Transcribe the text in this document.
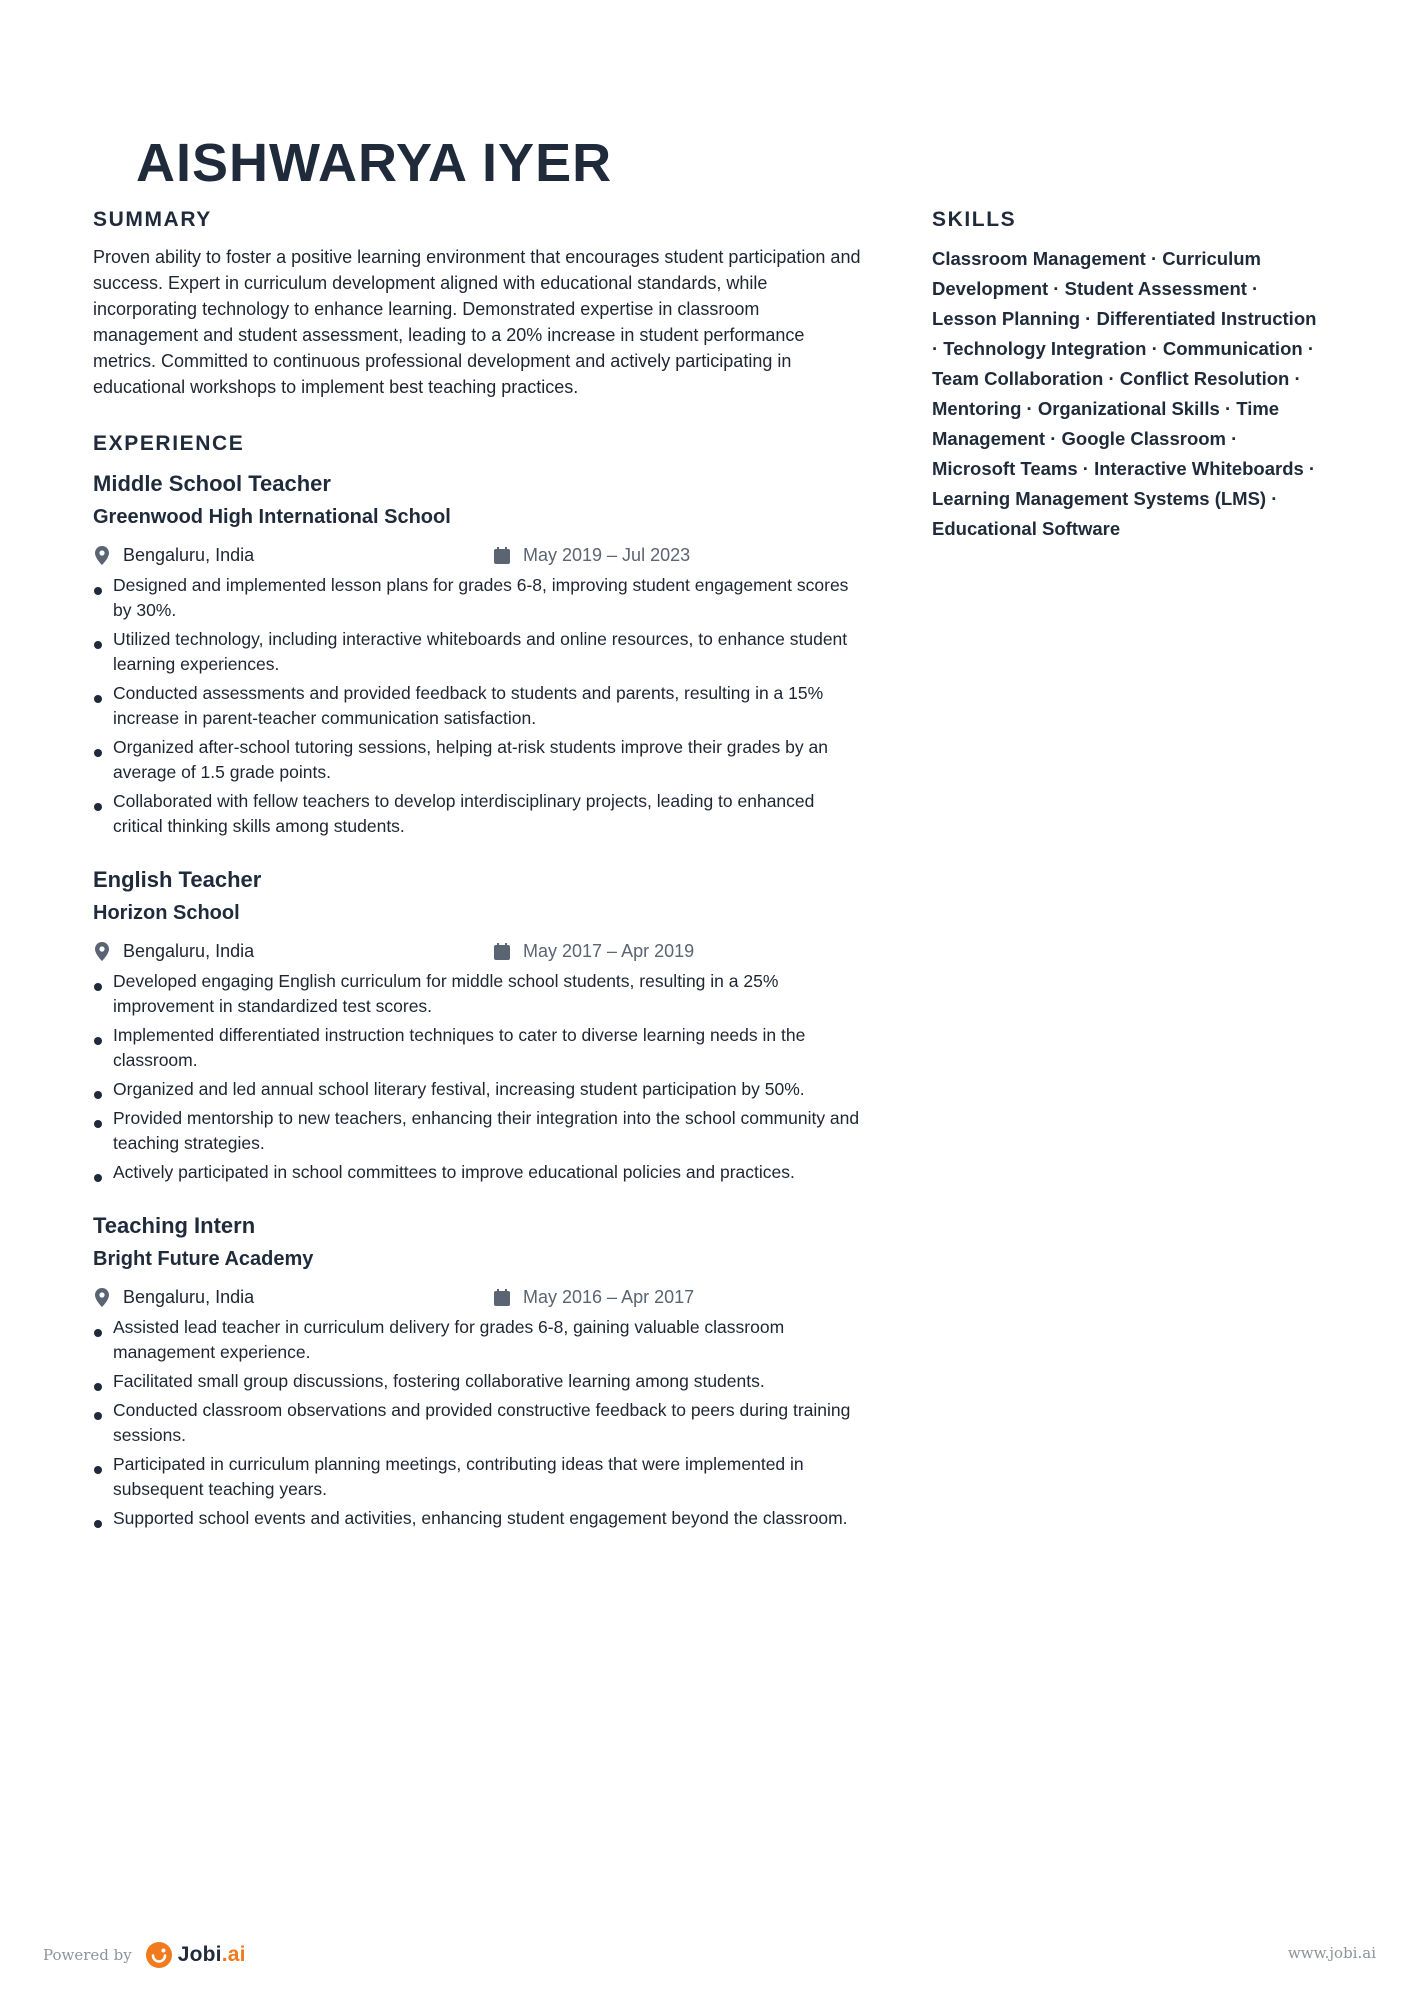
AISHWARYA IYER
SUMMARY

Proven ability to foster a positive learning environment that encourages student participation and success. Expert in curriculum development aligned with educational standards, while incorporating technology to enhance learning. Demonstrated expertise in classroom management and student assessment, leading to a 20% increase in student performance metrics. Committed to continuous professional development and actively participating in educational workshops to implement best teaching practices.

EXPERIENCE
Middle School Teacher
Greenwood High International School
Bengaluru, India	May 2019 – Jul 2023
Designed and implemented lesson plans for grades 6-8, improving student engagement scores by 30%.
Utilized technology, including interactive whiteboards and online resources, to enhance student learning experiences.
Conducted assessments and provided feedback to students and parents, resulting in a 15% increase in parent-teacher communication satisfaction.
Organized after-school tutoring sessions, helping at-risk students improve their grades by an average of 1.5 grade points.
Collaborated with fellow teachers to develop interdisciplinary projects, leading to enhanced critical thinking skills among students.
English Teacher
Horizon School
Bengaluru, India	May 2017 – Apr 2019
Developed engaging English curriculum for middle school students, resulting in a 25% improvement in standardized test scores.
Implemented differentiated instruction techniques to cater to diverse learning needs in the classroom.
Organized and led annual school literary festival, increasing student participation by 50%.
Provided mentorship to new teachers, enhancing their integration into the school community and teaching strategies.
Actively participated in school committees to improve educational policies and practices.
Teaching Intern
Bright Future Academy
Bengaluru, India	May 2016 – Apr 2017
Assisted lead teacher in curriculum delivery for grades 6-8, gaining valuable classroom management experience.
Facilitated small group discussions, fostering collaborative learning among students.
Conducted classroom observations and provided constructive feedback to peers during training sessions.
Participated in curriculum planning meetings, contributing ideas that were implemented in subsequent teaching years.
Supported school events and activities, enhancing student engagement beyond the classroom.
SKILLS

Classroom Management · Curriculum Development · Student Assessment · Lesson Planning · Differentiated Instruction · Technology Integration · Communication · Team Collaboration · Conflict Resolution · Mentoring · Organizational Skills · Time Management · Google Classroom · Microsoft Teams · Interactive Whiteboards · Learning Management Systems (LMS) · Educational Software

Powered by Jobi.ai	www.jobi.ai
